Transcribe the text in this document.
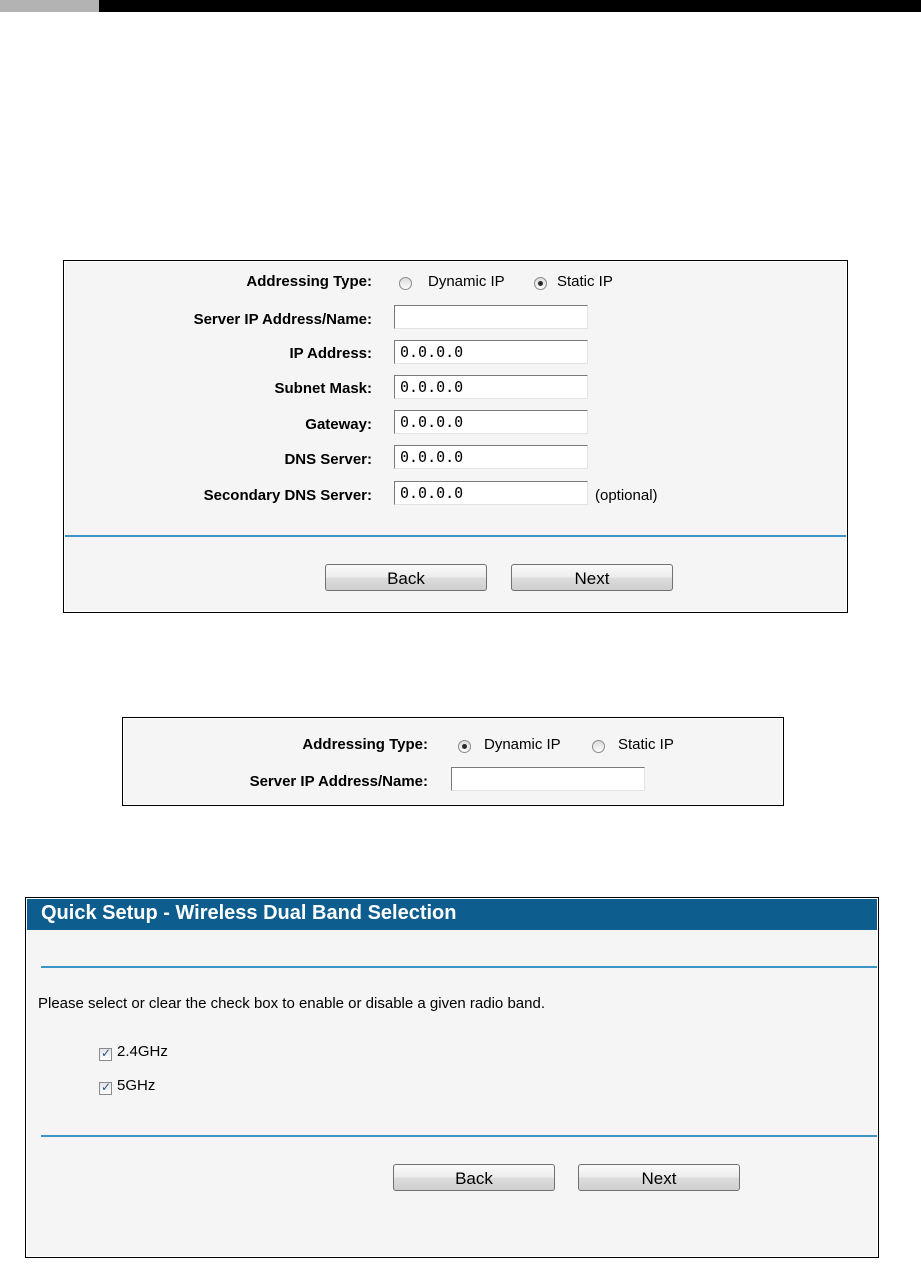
Addressing Type:	Dynamic IP	Static IP
Server IP Address/Name:
IP Address:	0.0.0.0
Subnet Mask:	0.0.0.0
Gateway:	0.0.0.0
DNS Server:	0.0.0.0
Secondary DNS Server:	0.0.0.0	(optional)
Back	Next
Addressing Type:	Dynamic IP	Static IP
Server IP Address/Name:
Quick Setup - Wireless Dual Band Selection
Please select or clear the check box to enable or disable a given radio band.
✓
2.4GHz
✓
5GHz
Back	Next
